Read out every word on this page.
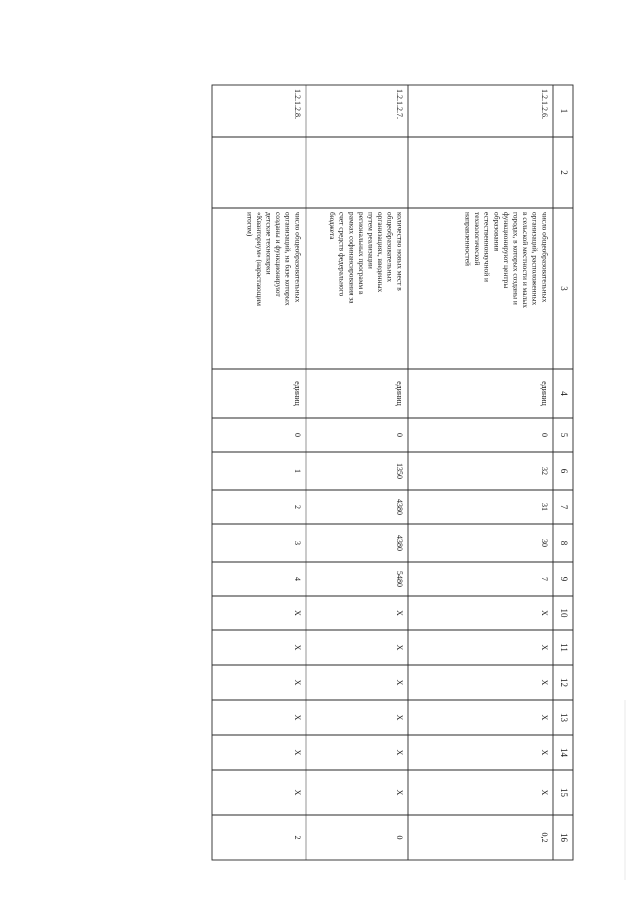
1
2
3
4
5
6
7
8
9
10
11
12
13
14
15
16
1.2.1.2.6.
число общеобразовательных
организаций, расположенных
в сельской местности и малых
городах, в которых созданы и
функционируют центры
образования
естественнонаучной и
технологической
направленностей
единиц
0
32
31
30
7
X
X
X
X
X
X
0,2
1.2.1.2.7.
количество новых мест в
общеобразовательных
организациях, введенных
путем реализации
региональных программ в
рамках софинансирования за
счет средств федерального
бюджета
единиц
0
1350
4380
4380
5480
X
X
X
X
X
X
0
1.2.1.2.8.
число общеобразовательных
организаций, на базе которых
созданы и функционируют
детские технопарки
«Кванториум» (нарастающим
итогом)
единиц
0
1
2
3
4
X
X
X
X
X
X
2
